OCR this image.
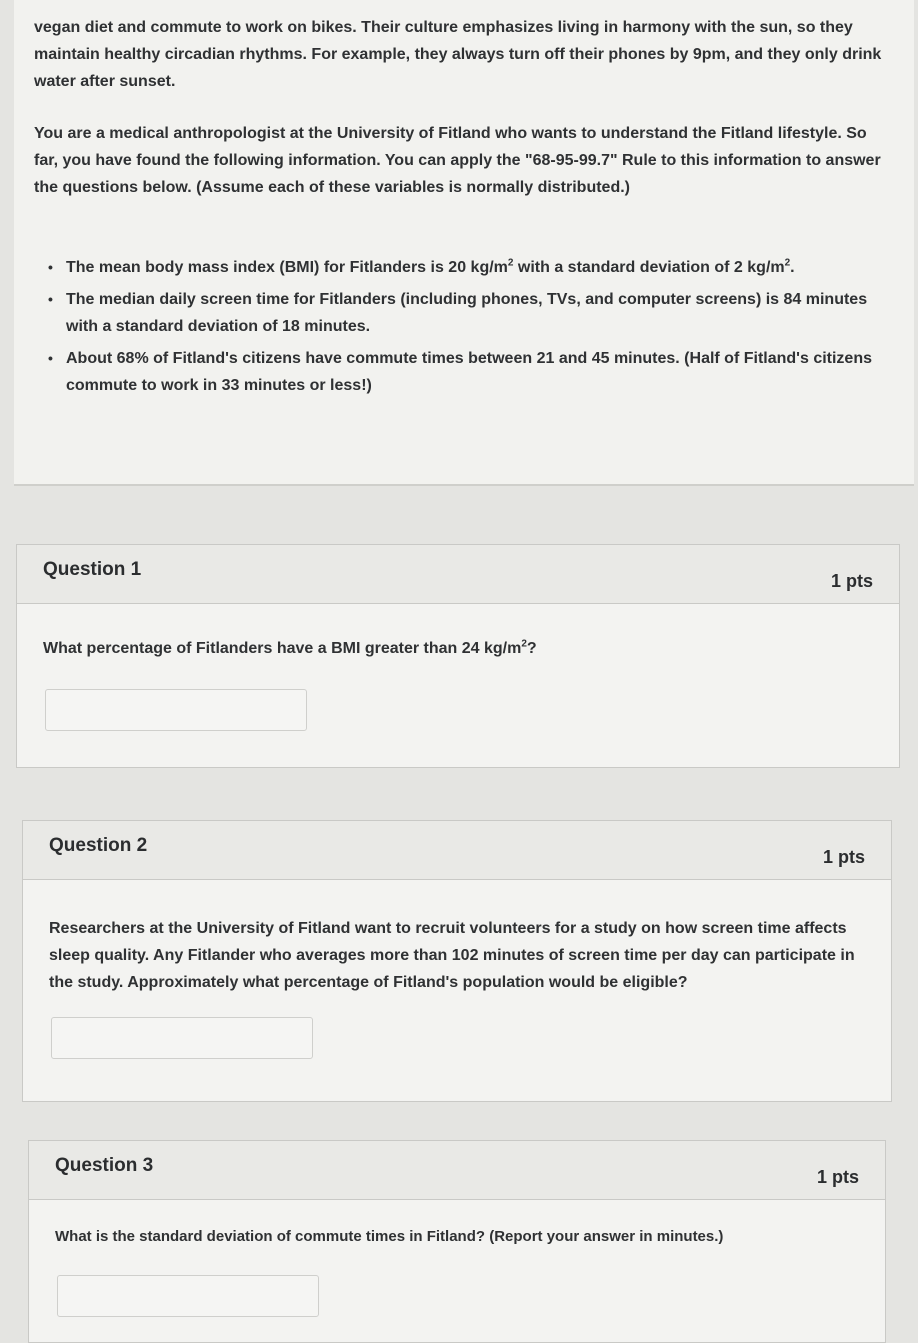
vegan diet and commute to work on bikes. Their culture emphasizes living in harmony with the sun, so they maintain healthy circadian rhythms. For example, they always turn off their phones by 9pm, and they only drink water after sunset.
You are a medical anthropologist at the University of Fitland who wants to understand the Fitland lifestyle. So far, you have found the following information. You can apply the "68-95-99.7" Rule to this information to answer the questions below. (Assume each of these variables is normally distributed.)
• The mean body mass index (BMI) for Fitlanders is 20 $kg/m^2$ with a standard deviation of 2 $kg/m^2$.
• The median daily screen time for Fitlanders (including phones, TVs, and computer screens) is 84 minutes with a standard deviation of 18 minutes.
• About 68% of Fitland's citizens have commute times between 21 and 45 minutes. (Half of Fitland's citizens commute to work in 33 minutes or less!)
Question 1
1 pts
What percentage of Fitlanders have a BMI greater than 24 $kg/m^2$?
Question 2
1 pts
Researchers at the University of Fitland want to recruit volunteers for a study on how screen time affects sleep quality. Any Fitlander who averages more than 102 minutes of screen time per day can participate in the study. Approximately what percentage of Fitland's population would be eligible?
Question 3
1 pts
What is the standard deviation of commute times in Fitland? (Report your answer in minutes.)
